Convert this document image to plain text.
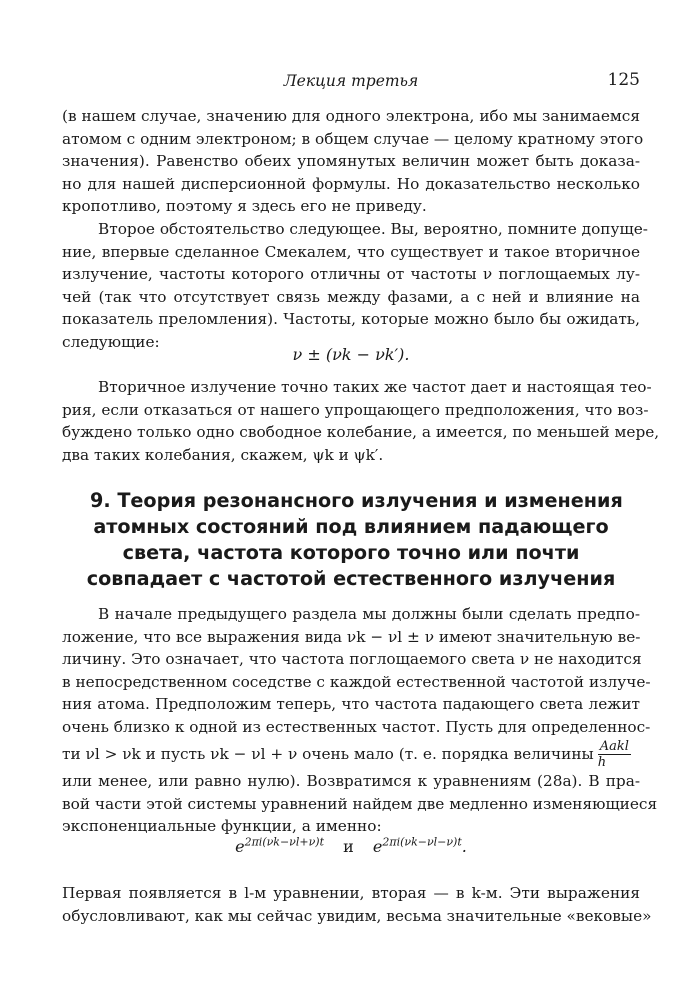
Лекция третья	125
(в нашем случае, значению для одного электрона, ибо мы занимаемся
атомом с одним электроном; в общем случае — целому кратному этого
значения). Равенство обеих упомянутых величин может быть доказа-
но для нашей дисперсионной формулы. Но доказательство несколько
кропотливо, поэтому я здесь его не приведу.
Второе обстоятельство следующее. Вы, вероятно, помните допуще-
ние, впервые сделанное Смекалем, что существует и такое вторичное
излучение, частоты которого отличны от частоты ν поглощаемых лу-
чей (так что отсутствует связь между фазами, а с ней и влияние на
показатель преломления). Частоты, которые можно было бы ожидать,
следующие:
ν ± (νk − νk′).
Вторичное излучение точно таких же частот дает и настоящая тео-
рия, если отказаться от нашего упрощающего предположения, что воз-
буждено только одно свободное колебание, а имеется, по меньшей мере,
два таких колебания, скажем, ψk и ψk′.
9. Теория резонансного излучения и изменения
атомных состояний под влиянием падающего
света, частота которого точно или почти
совпадает с частотой естественного излучения
В начале предыдущего раздела мы должны были сделать предпо-
ложение, что все выражения вида νk − νl ± ν имеют значительную ве-
личину. Это означает, что частота поглощаемого света ν не находится
в непосредственном соседстве с каждой естественной частотой излуче-
ния атома. Предположим теперь, что частота падающего света лежит
очень близко к одной из естественных частот. Пусть для определеннос-
ти νl > νk и пусть νk − νl + ν очень мало (т. е. порядка величины $\frac{\text{Aakl}}{h}$
или менее, или равно нулю). Возвратимся к уравнениям (28а). В пра-
вой части этой системы уравнений найдем две медленно изменяющиеся
экспоненциальные функции, а именно:
$e^{2\pi i(\nu k-\nu l+\nu)t}$ и $e^{2\pi i(\nu k-\nu l-\nu)t}$.
Первая появляется в l-м уравнении, вторая — в k-м. Эти выражения
обусловливают, как мы сейчас увидим, весьма значительные «вековые»
